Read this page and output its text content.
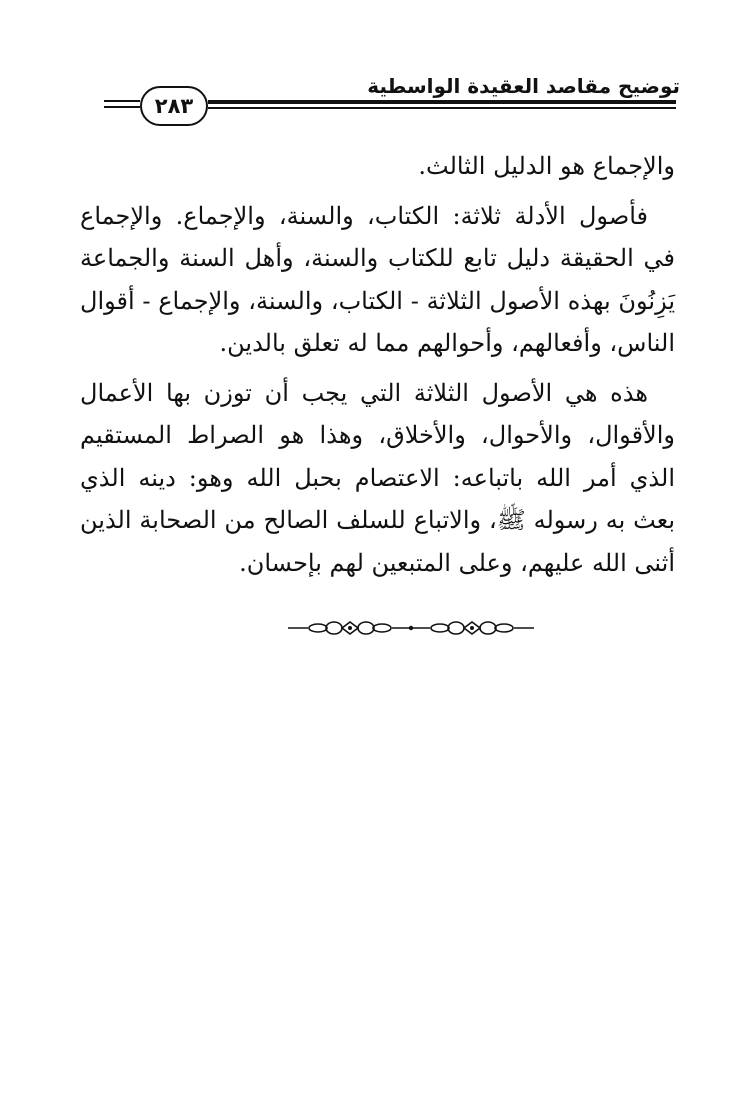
توضيح مقاصد العقيدة الواسطية
٢٨٣

والإجماع هو الدليل الثالث.

فأصول الأدلة ثلاثة: الكتاب، والسنة، والإجماع. والإجماع في الحقيقة دليل تابع للكتاب والسنة، وأهل السنة والجماعة يَزِنُونَ بهذه الأصول الثلاثة - الكتاب، والسنة، والإجماع - أقوال الناس، وأفعالهم، وأحوالهم مما له تعلق بالدين.

هذه هي الأصول الثلاثة التي يجب أن توزن بها الأعمال والأقوال، والأحوال، والأخلاق، وهذا هو الصراط المستقيم الذي أمر الله باتباعه: الاعتصام بحبل الله وهو: دينه الذي بعث به رسوله ﷺ، والاتباع للسلف الصالح من الصحابة الذين أثنى الله عليهم، وعلى المتبعين لهم بإحسان.
